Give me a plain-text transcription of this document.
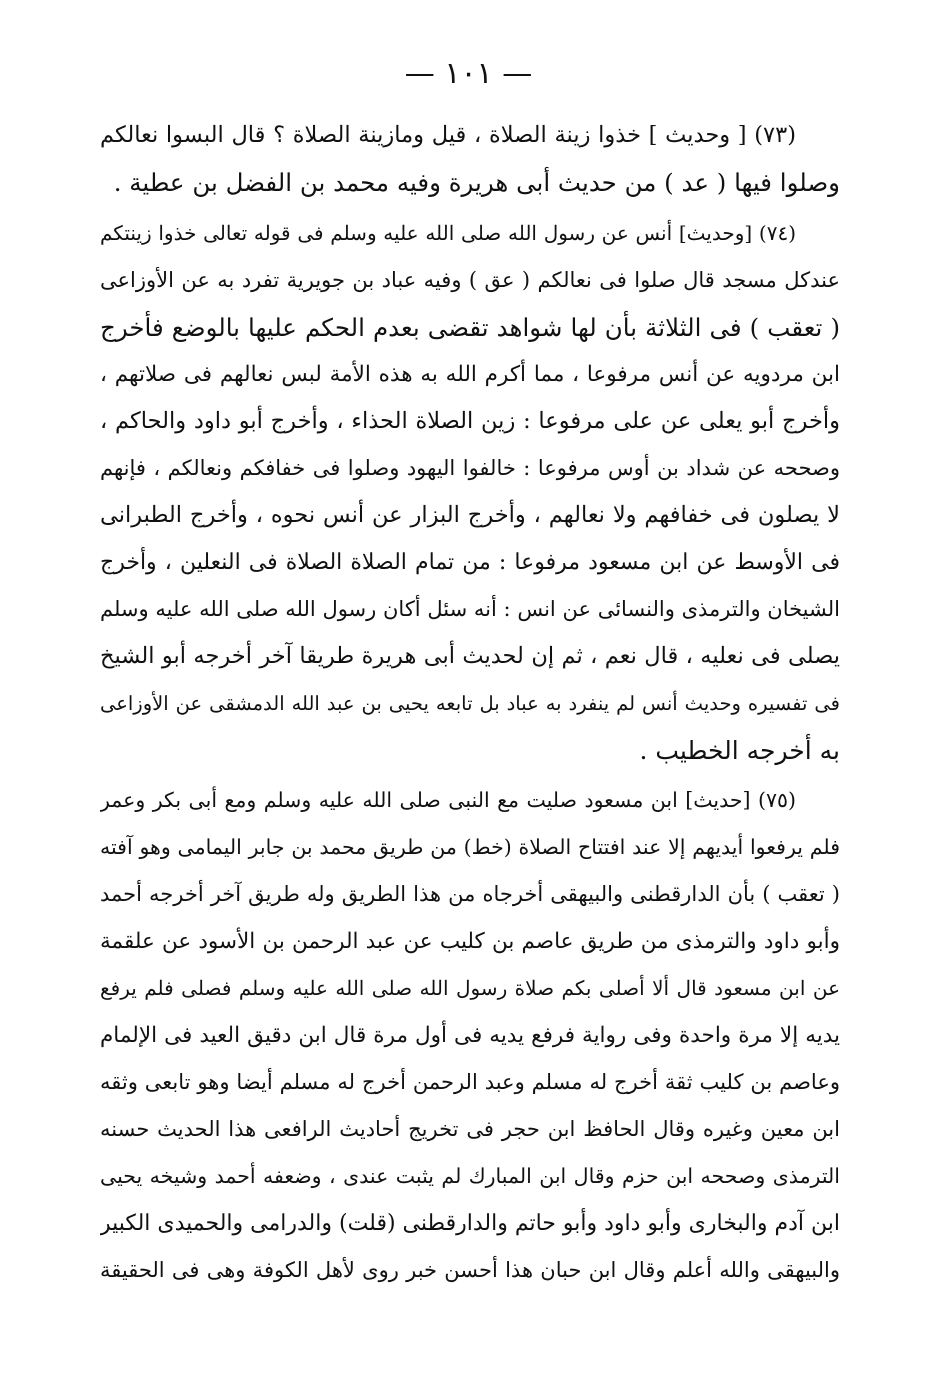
— ١٠١ —
(٧٣) [ وحديث ] خذوا زينة الصلاة ، قيل ومازينة الصلاة ؟ قال البسوا نعالكم
وصلوا فيها ( عد ) من حديث أبى هريرة وفيه محمد بن الفضل بن عطية .
(٧٤) [وحديث] أنس عن رسول الله صلى الله عليه وسلم فى قوله تعالى خذوا زينتكم
عندكل مسجد قال صلوا فى نعالكم ( عق ) وفيه عباد بن جويرية تفرد به عن الأوزاعى
( تعقب ) فى الثلاثة بأن لها شواهد تقضى بعدم الحكم عليها بالوضع فأخرج
ابن مردويه عن أنس مرفوعا ، مما أكرم الله به هذه الأمة لبس نعالهم فى صلاتهم ،
وأخرج أبو يعلى عن على مرفوعا : زين الصلاة الحذاء ، وأخرج أبو داود والحاكم ،
وصححه عن شداد بن أوس مرفوعا : خالفوا اليهود وصلوا فى خفافكم ونعالكم ، فإنهم
لا يصلون فى خفافهم ولا نعالهم ، وأخرج البزار عن أنس نحوه ، وأخرج الطبرانى
فى الأوسط عن ابن مسعود مرفوعا : من تمام الصلاة الصلاة فى النعلين ، وأخرج
الشيخان والترمذى والنسائى عن انس : أنه سئل أكان رسول الله صلى الله عليه وسلم
يصلى فى نعليه ، قال نعم ، ثم إن لحديث أبى هريرة طريقا آخر أخرجه أبو الشيخ
فى تفسيره وحديث أنس لم ينفرد به عباد بل تابعه يحيى بن عبد الله الدمشقى عن الأوزاعى
به أخرجه الخطيب .
(٧٥) [حديث] ابن مسعود صليت مع النبى صلى الله عليه وسلم ومع أبى بكر وعمر
فلم يرفعوا أيديهم إلا عند افتتاح الصلاة (خط) من طريق محمد بن جابر اليمامى وهو آفته
( تعقب ) بأن الدارقطنى والبيهقى أخرجاه من هذا الطريق وله طريق آخر أخرجه أحمد
وأبو داود والترمذى من طريق عاصم بن كليب عن عبد الرحمن بن الأسود عن علقمة
عن ابن مسعود قال ألا أصلى بكم صلاة رسول الله صلى الله عليه وسلم فصلى فلم يرفع
يديه إلا مرة واحدة وفى رواية فرفع يديه فى أول مرة قال ابن دقيق العيد فى الإلمام
وعاصم بن كليب ثقة أخرج له مسلم وعبد الرحمن أخرج له مسلم أيضا وهو تابعى وثقه
ابن معين وغيره وقال الحافظ ابن حجر فى تخريج أحاديث الرافعى هذا الحديث حسنه
الترمذى وصححه ابن حزم وقال ابن المبارك لم يثبت عندى ، وضعفه أحمد وشيخه يحيى
ابن آدم والبخارى وأبو داود وأبو حاتم والدارقطنى (قلت) والدرامى والحميدى الكبير
والبيهقى والله أعلم وقال ابن حبان هذا أحسن خبر روى لأهل الكوفة وهى فى الحقيقة
